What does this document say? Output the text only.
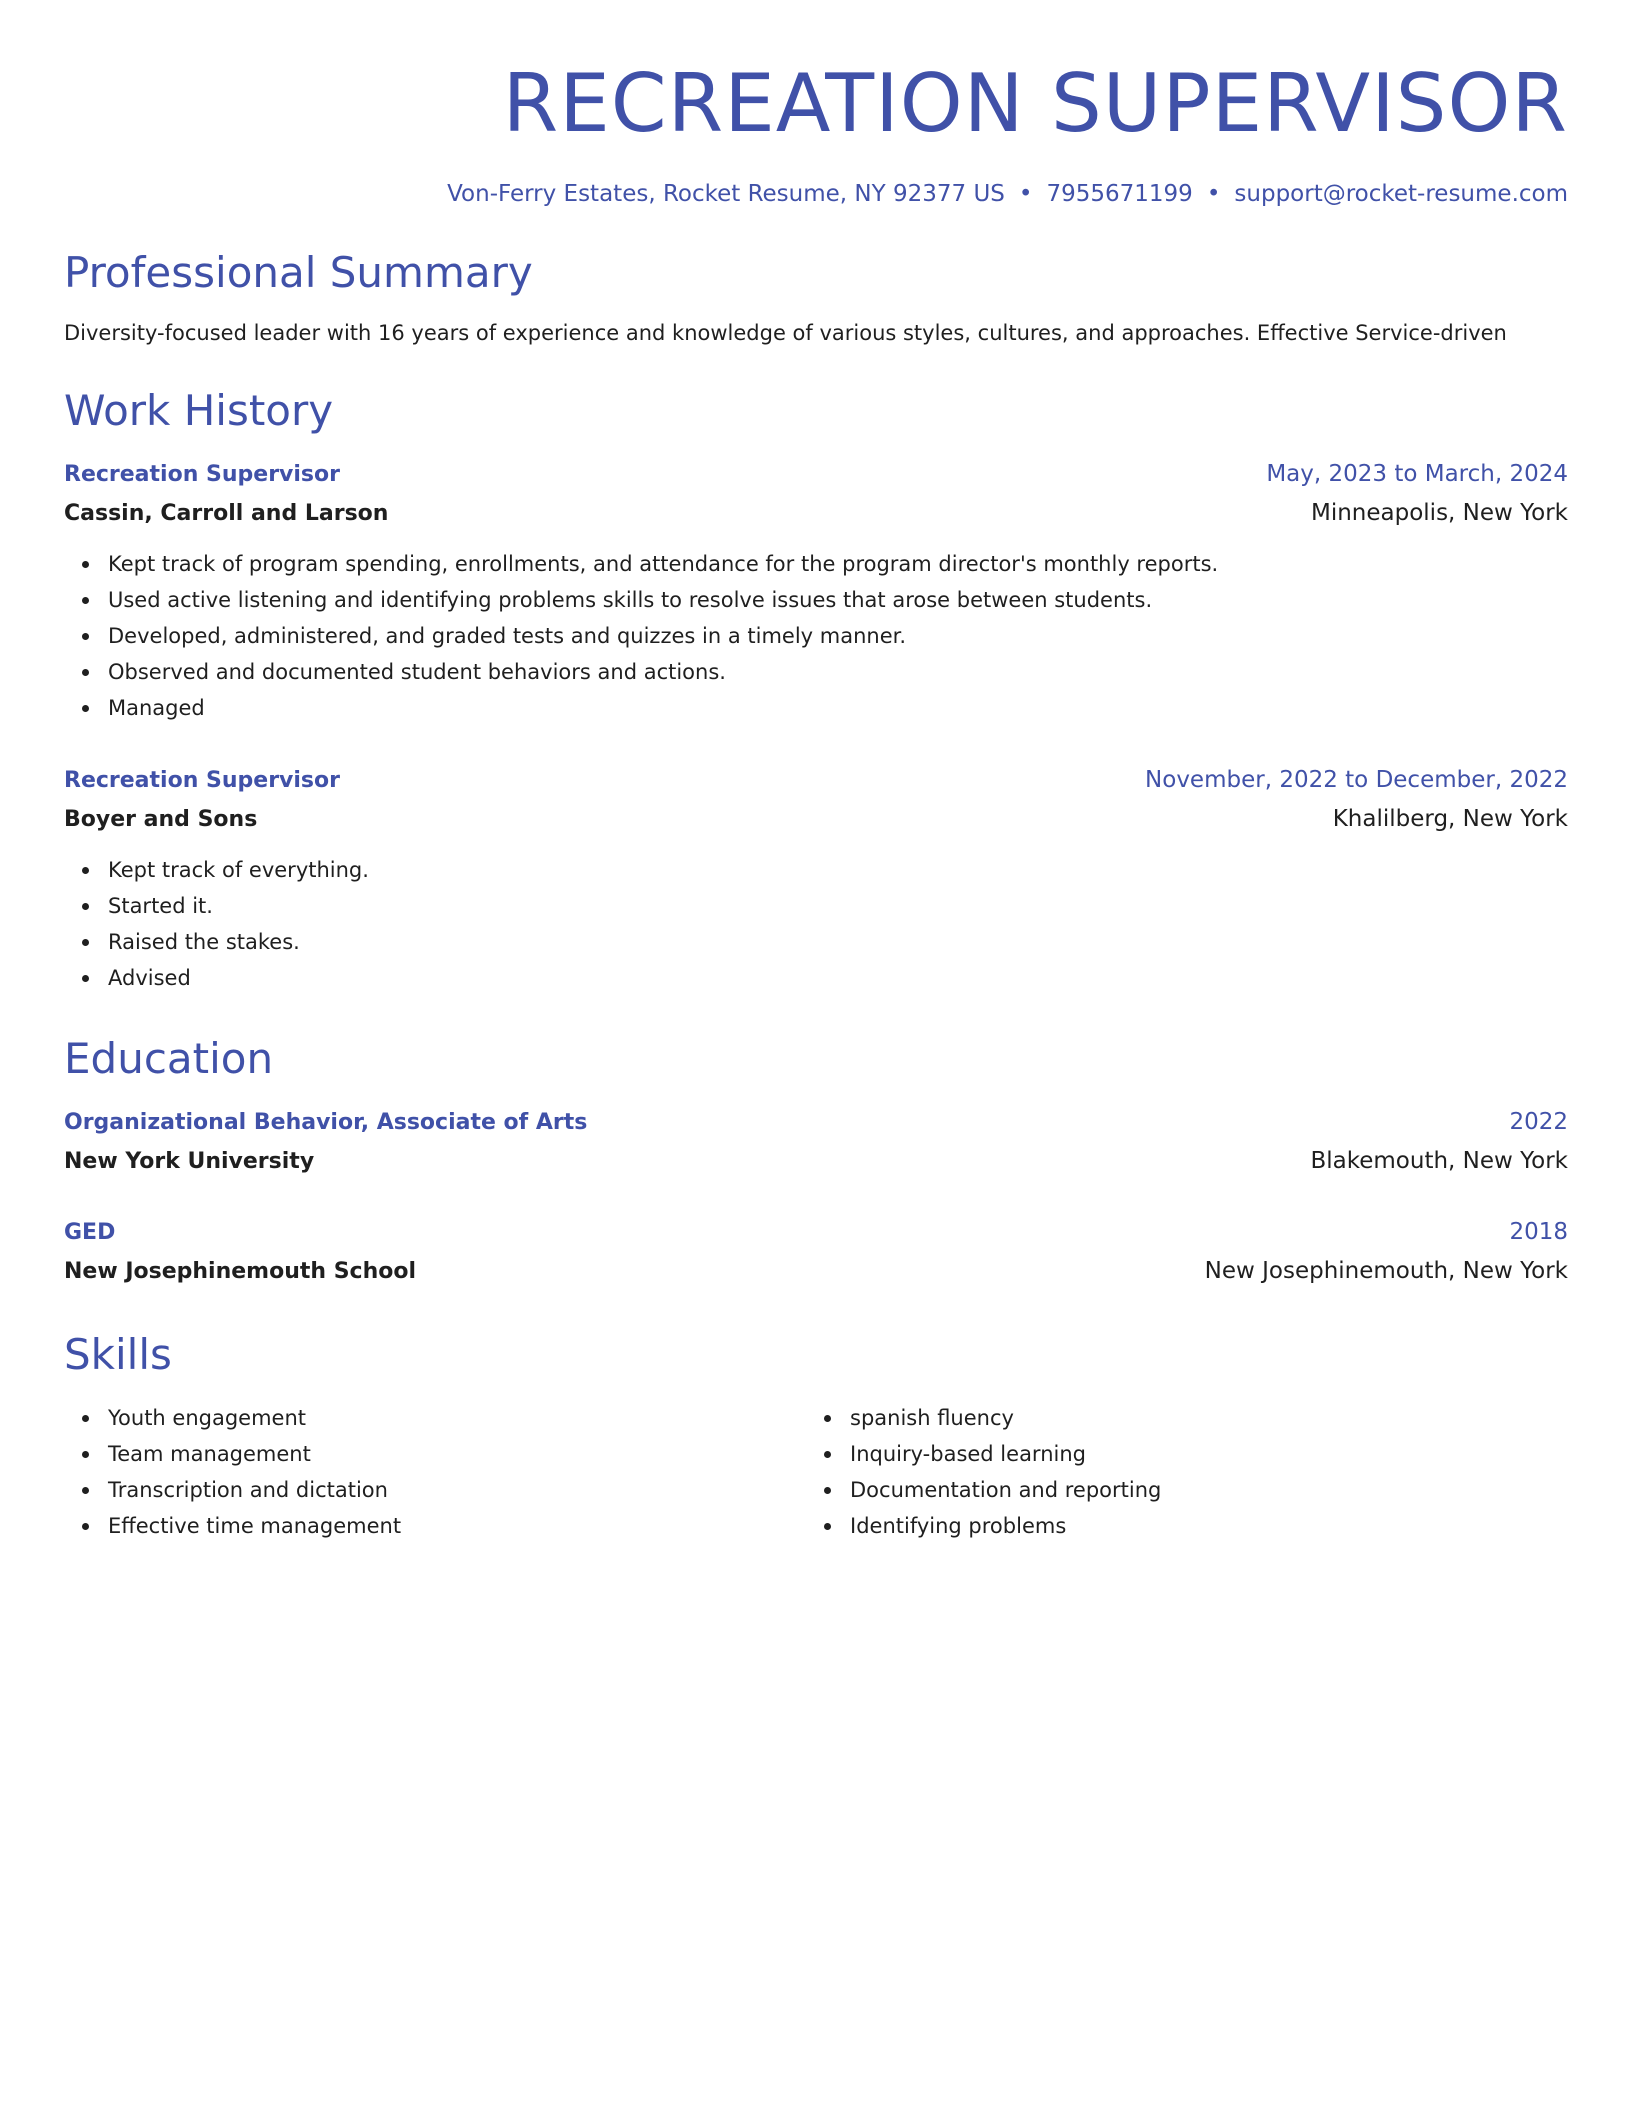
RECREATION SUPERVISOR
Von-Ferry Estates, Rocket Resume, NY 92377 US • 7955671199 • support@rocket-resume.com
Professional Summary
Diversity-focused leader with 16 years of experience and knowledge of various styles, cultures, and approaches. Effective Service-driven
Work History
Recreation Supervisor	May, 2023 to March, 2024
Cassin, Carroll and Larson	Minneapolis, New York
Kept track of program spending, enrollments, and attendance for the program director's monthly reports.
Used active listening and identifying problems skills to resolve issues that arose between students.
Developed, administered, and graded tests and quizzes in a timely manner.
Observed and documented student behaviors and actions.
Managed
Recreation Supervisor	November, 2022 to December, 2022
Boyer and Sons	Khalilberg, New York
Kept track of everything.
Started it.
Raised the stakes.
Advised
Education
Organizational Behavior, Associate of Arts	2022
New York University	Blakemouth, New York
GED	2018
New Josephinemouth School	New Josephinemouth, New York
Skills
Youth engagement
Team management
Transcription and dictation
Effective time management
spanish fluency
Inquiry-based learning
Documentation and reporting
Identifying problems
